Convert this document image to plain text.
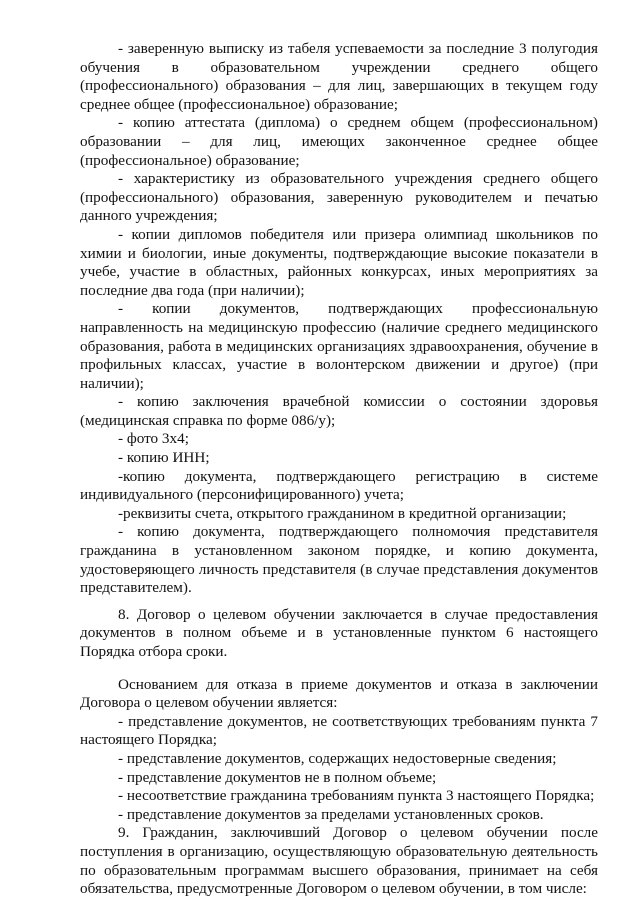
- заверенную выписку из табеля успеваемости за последние 3 полугодия обучения в образовательном учреждении среднего общего (профессионального) образования – для лиц, завершающих в текущем году среднее общее (профессиональное) образование;

- копию аттестата (диплома) о среднем общем (профессиональном) образовании – для лиц, имеющих законченное среднее общее (профессиональное) образование;

- характеристику из образовательного учреждения среднего общего (профессионального) образования, заверенную руководителем и печатью данного учреждения;

- копии дипломов победителя или призера олимпиад школьников по химии и биологии, иные документы, подтверждающие высокие показатели в учебе, участие в областных, районных конкурсах, иных мероприятиях за последние два года (при наличии);

- копии документов, подтверждающих профессиональную направленность на медицинскую профессию (наличие среднего медицинского образования, работа в медицинских организациях здравоохранения, обучение в профильных классах, участие в волонтерском движении и другое) (при наличии);

- копию заключения врачебной комиссии о состоянии здоровья (медицинская справка по форме 086/у);

- фото 3х4;

- копию ИНН;

-копию документа, подтверждающего регистрацию в системе индивидуального (персонифицированного) учета;

-реквизиты счета, открытого гражданином в кредитной организации;

- копию документа, подтверждающего полномочия представителя гражданина в установленном законом порядке, и копию документа, удостоверяющего личность представителя (в случае представления документов представителем).

8. Договор о целевом обучении заключается в случае предоставления документов в полном объеме и в установленные пунктом 6 настоящего Порядка отбора сроки.

Основанием для отказа в приеме документов и отказа в заключении Договора о целевом обучении является:

- представление документов, не соответствующих требованиям пункта 7 настоящего Порядка;

- представление документов, содержащих недостоверные сведения;

- представление документов не в полном объеме;

- несоответствие гражданина требованиям пункта 3 настоящего Порядка;

- представление документов за пределами установленных сроков.

9. Гражданин, заключивший Договор о целевом обучении после поступления в организацию, осуществляющую образовательную деятельность по образовательным программам высшего образования, принимает на себя обязательства, предусмотренные Договором о целевом обучении, в том числе:
